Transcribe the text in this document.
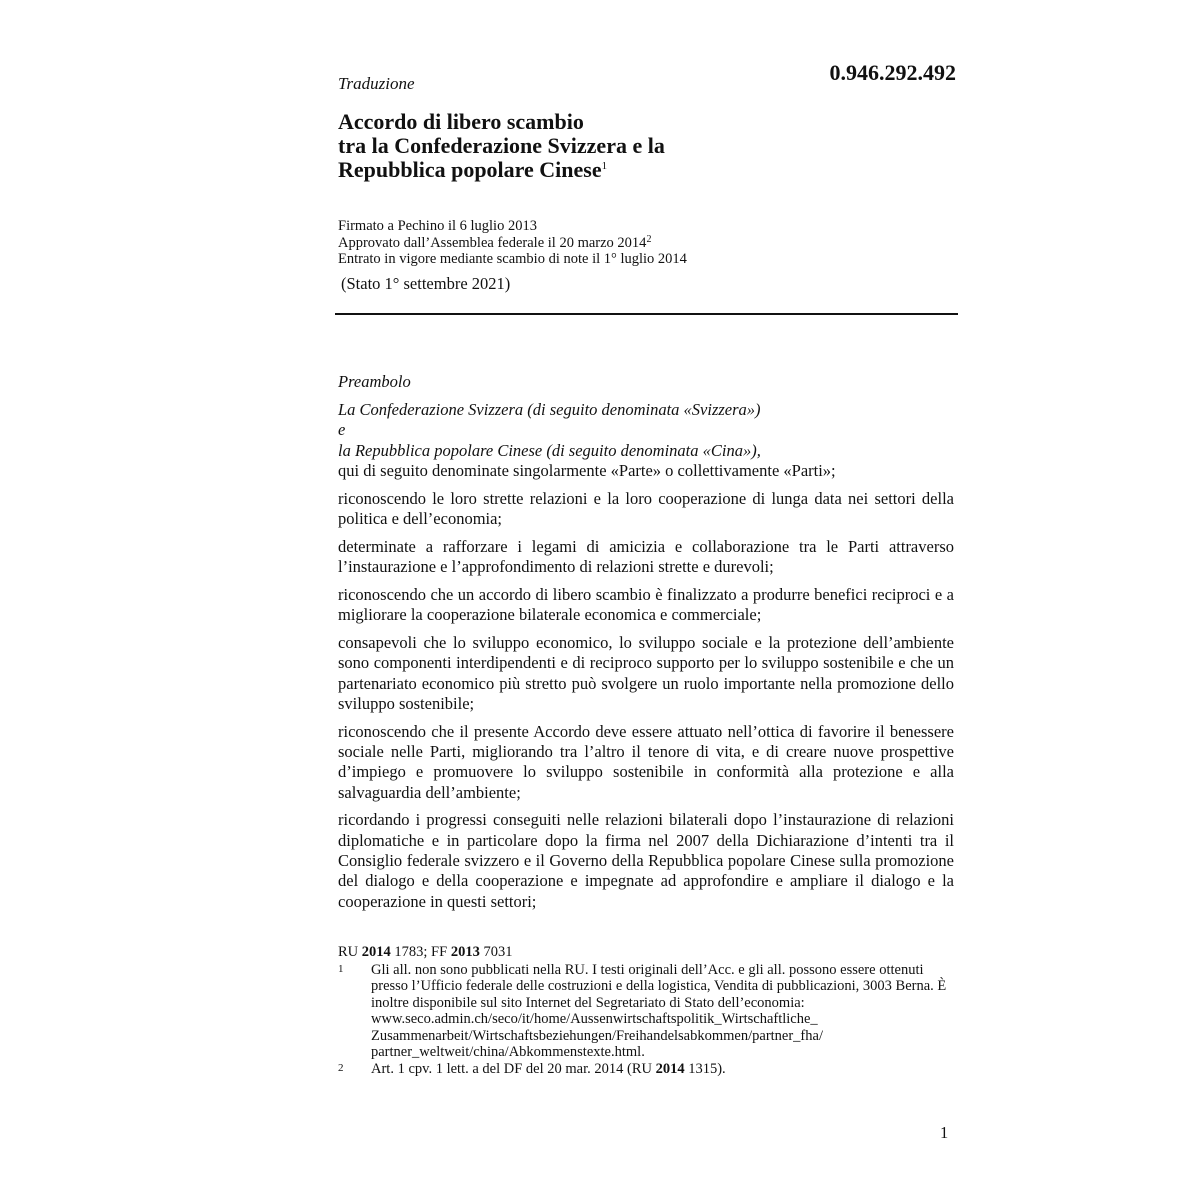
Traduzione	0.946.292.492
Accordo di libero scambio
tra la Confederazione Svizzera e la
Repubblica popolare Cinese$^1$
Firmato a Pechino il 6 luglio 2013
Approvato dall’Assemblea federale il 20 marzo 2014$^2$
Entrato in vigore mediante scambio di note il 1° luglio 2014
(Stato 1° settembre 2021)
Preambolo
La Confederazione Svizzera (di seguito denominata «Svizzera»)
e
la Repubblica popolare Cinese (di seguito denominata «Cina»),

qui di seguito denominate singolarmente «Parte» o collettivamente «Parti»;

riconoscendo le loro strette relazioni e la loro cooperazione di lunga data nei settori della politica e dell’economia;

determinate a rafforzare i legami di amicizia e collaborazione tra le Parti attraverso l’instaurazione e l’approfondimento di relazioni strette e durevoli;

riconoscendo che un accordo di libero scambio è finalizzato a produrre benefici reciproci e a migliorare la cooperazione bilaterale economica e commerciale;

consapevoli che lo sviluppo economico, lo sviluppo sociale e la protezione dell’ambiente sono componenti interdipendenti e di reciproco supporto per lo sviluppo sostenibile e che un partenariato economico più stretto può svolgere un ruolo importante nella promozione dello sviluppo sostenibile;

riconoscendo che il presente Accordo deve essere attuato nell’ottica di favorire il benessere sociale nelle Parti, migliorando tra l’altro il tenore di vita, e di creare nuove prospettive d’impiego e promuovere lo sviluppo sostenibile in conformità alla protezione e alla salvaguardia dell’ambiente;

ricordando i progressi conseguiti nelle relazioni bilaterali dopo l’instaurazione di relazioni diplomatiche e in particolare dopo la firma nel 2007 della Dichiarazione d’intenti tra il Consiglio federale svizzero e il Governo della Repubblica popolare Cinese sulla promozione del dialogo e della cooperazione e impegnate ad approfondire e ampliare il dialogo e la cooperazione in questi settori;

RU 2014 1783; FF 2013 7031
1 Gli all. non sono pubblicati nella RU. I testi originali dell’Acc. e gli all. possono essere ottenuti presso l’Ufficio federale delle costruzioni e della logistica, Vendita di pubblicazioni, 3003 Berna. È inoltre disponibile sul sito Internet del Segretariato di Stato dell’economia:
www.seco.admin.ch/seco/it/home/Aussenwirtschaftspolitik_Wirtschaftliche_
Zusammenarbeit/Wirtschaftsbeziehungen/Freihandelsabkommen/partner_fha/
partner_weltweit/china/Abkommenstexte.html.
2 Art. 1 cpv. 1 lett. a del DF del 20 mar. 2014 (RU 2014 1315).
1
